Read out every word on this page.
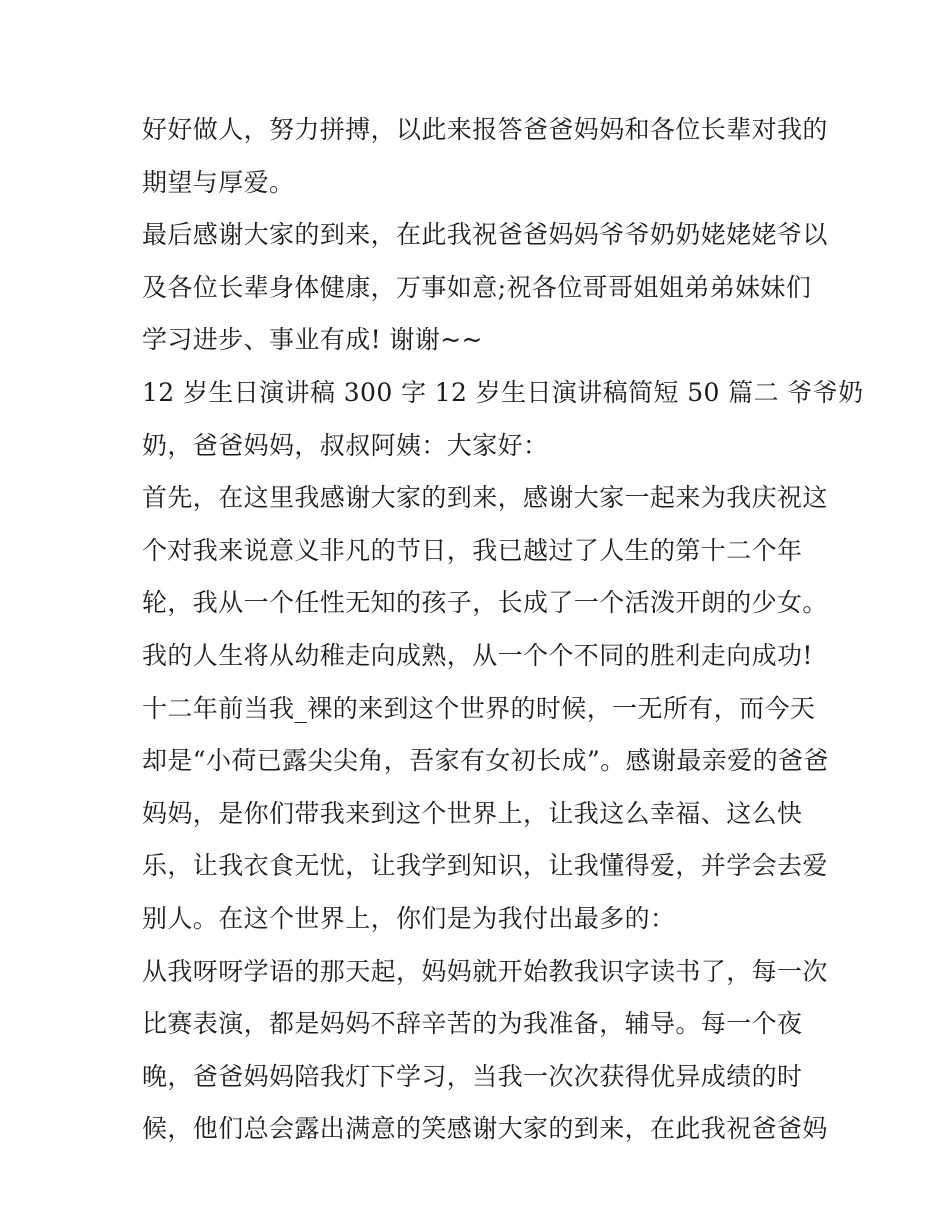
好好做人，努力拼搏，以此来报答爸爸妈妈和各位长辈对我的
期望与厚爱。
最后感谢大家的到来，在此我祝爸爸妈妈爷爷奶奶姥姥姥爷以
及各位长辈身体健康，万事如意;祝各位哥哥姐姐弟弟妹妹们
学习进步、事业有成! 谢谢~~
12 岁生日演讲稿 300 字 12 岁生日演讲稿简短 50 篇二 爷爷奶
奶，爸爸妈妈，叔叔阿姨：大家好：
首先，在这里我感谢大家的到来，感谢大家一起来为我庆祝这
个对我来说意义非凡的节日，我已越过了人生的第十二个年
轮，我从一个任性无知的孩子，长成了一个活泼开朗的少女。
我的人生将从幼稚走向成熟，从一个个不同的胜利走向成功!
十二年前当我_裸的来到这个世界的时候，一无所有，而今天
却是“小荷已露尖尖角，吾家有女初长成”。感谢最亲爱的爸爸
妈妈，是你们带我来到这个世界上，让我这么幸福、这么快
乐，让我衣食无忧，让我学到知识，让我懂得爱，并学会去爱
别人。在这个世界上，你们是为我付出最多的：
从我呀呀学语的那天起，妈妈就开始教我识字读书了，每一次
比赛表演，都是妈妈不辞辛苦的为我准备，辅导。每一个夜
晚，爸爸妈妈陪我灯下学习，当我一次次获得优异成绩的时
候，他们总会露出满意的笑感谢大家的到来，在此我祝爸爸妈
